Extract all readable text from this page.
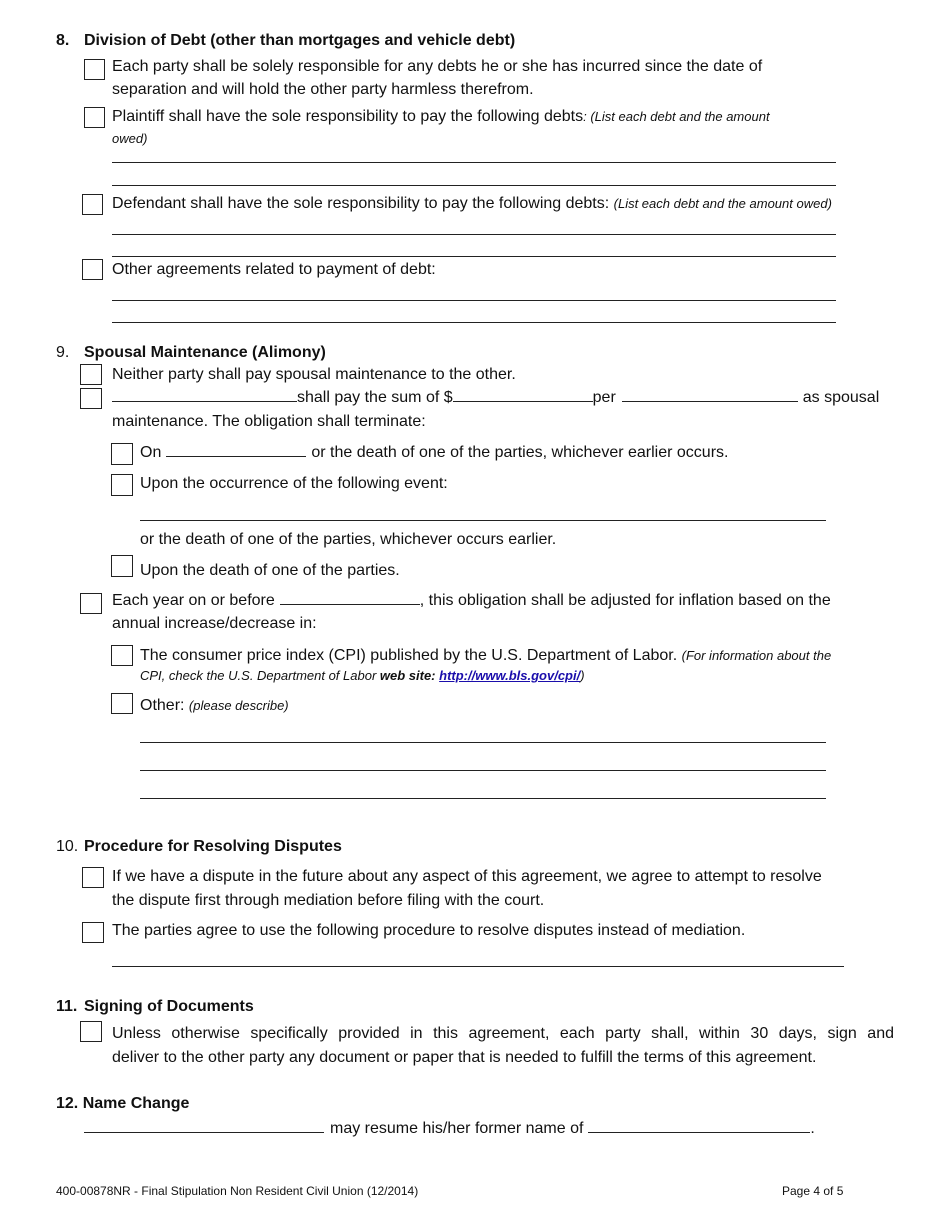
8. Division of Debt (other than mortgages and vehicle debt)
Each party shall be solely responsible for any debts he or she has incurred since the date of
separation and will hold the other party harmless therefrom.
Plaintiff shall have the sole responsibility to pay the following debts: (List each debt and the amount
owed)
Defendant shall have the sole responsibility to pay the following debts: (List each debt and the amount owed)
Other agreements related to payment of debt:
9. Spousal Maintenance (Alimony)
Neither party shall pay spousal maintenance to the other.
shall pay the sum of $	per	as spousal
maintenance. The obligation shall terminate:
On	or the death of one of the parties, whichever earlier occurs.
Upon the occurrence of the following event:
or the death of one of the parties, whichever occurs earlier.
Upon the death of one of the parties.
Each year on or before	, this obligation shall be adjusted for inflation based on the
annual increase/decrease in:
The consumer price index (CPI) published by the U.S. Department of Labor. (For information about the
CPI, check the U.S. Department of Labor web site: http://www.bls.gov/cpi/)
Other: (please describe)
10. Procedure for Resolving Disputes
If we have a dispute in the future about any aspect of this agreement, we agree to attempt to resolve
the dispute first through mediation before filing with the court.
The parties agree to use the following procedure to resolve disputes instead of mediation.
11. Signing of Documents
Unless otherwise specifically provided in this agreement, each party shall, within 30 days, sign and
deliver to the other party any document or paper that is needed to fulfill the terms of this agreement.
12. Name Change
may resume his/her former name of	.
400-00878NR - Final Stipulation Non Resident Civil Union (12/2014)	Page 4 of 5
